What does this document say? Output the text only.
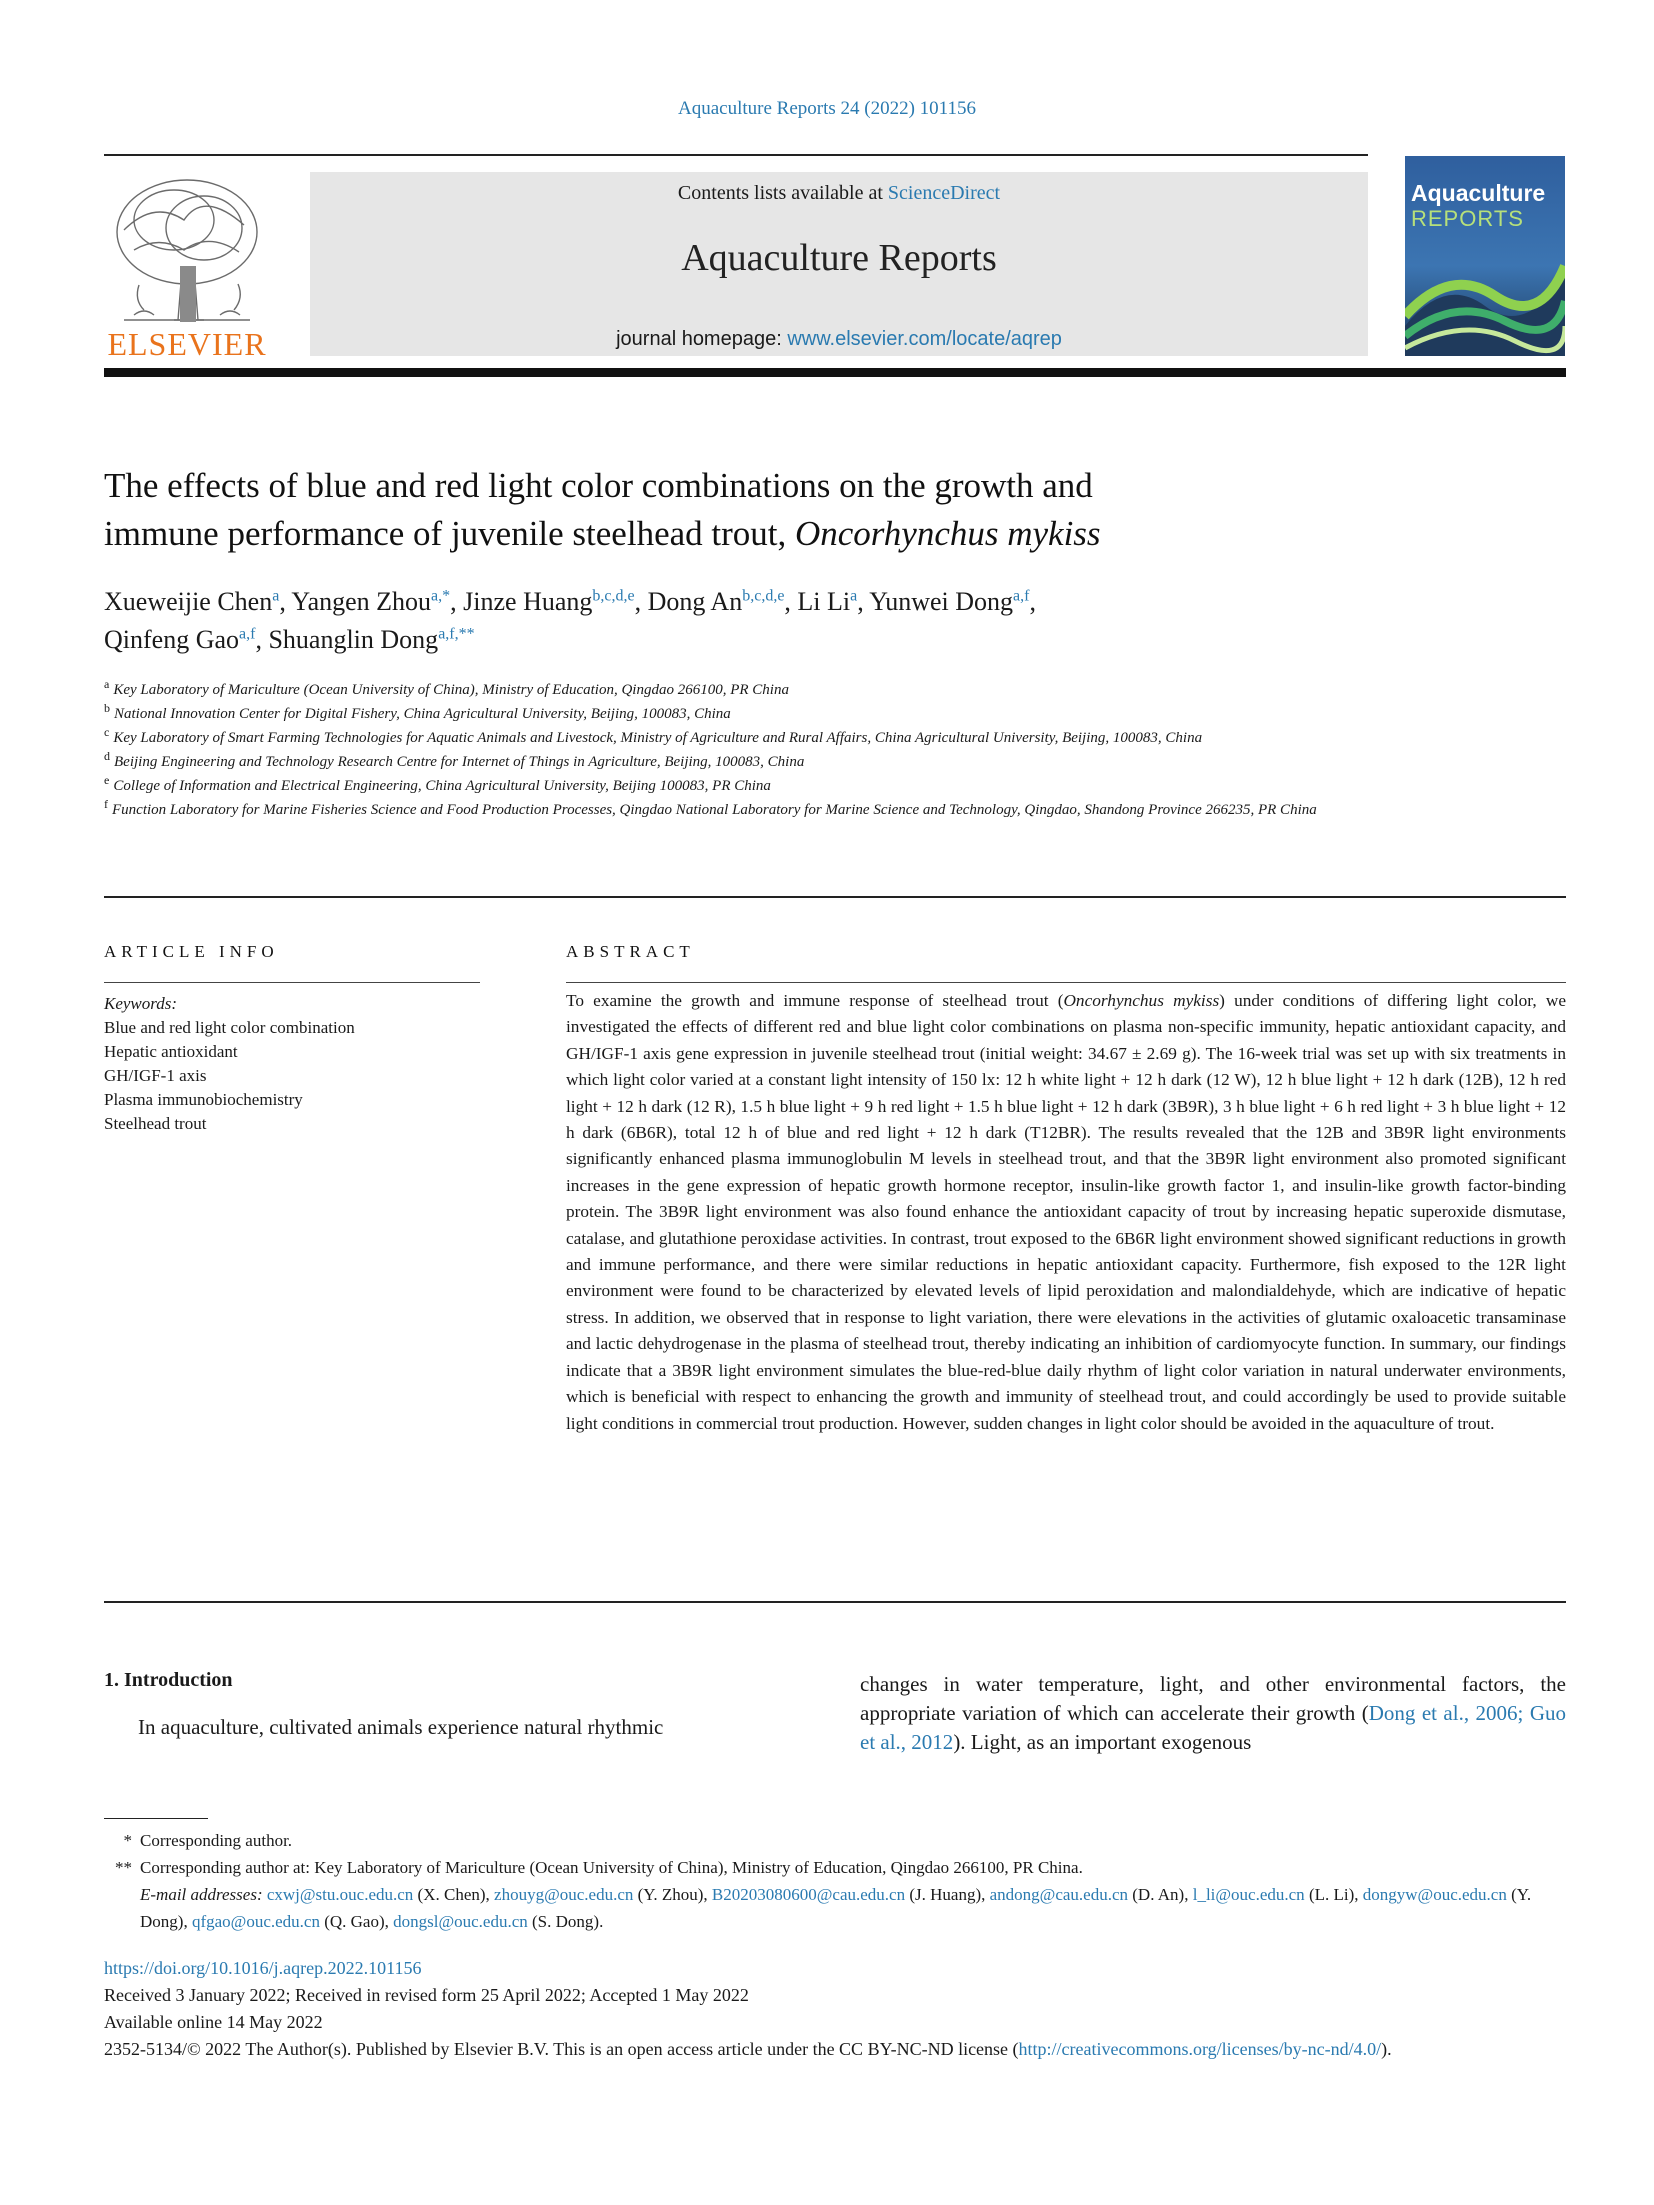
Aquaculture Reports 24 (2022) 101156
ELSEVIER
Contents lists available at ScienceDirect
Aquaculture Reports
journal homepage: www.elsevier.com/locate/aqrep
Aquaculture
REPORTS
The effects of blue and red light color combinations on the growth and
immune performance of juvenile steelhead trout, Oncorhynchus mykiss
Xueweijie Chen$^a$, Yangen Zhou$^{a,*}$, Jinze Huang$^{b,c,d,e}$, Dong An$^{b,c,d,e}$, Li Li$^a$, Yunwei Dong$^{a,f}$,
Qinfeng Gao$^{a,f}$, Shuanglin Dong$^{a,f,**}$
$^a$ Key Laboratory of Mariculture (Ocean University of China), Ministry of Education, Qingdao 266100, PR China
$^b$ National Innovation Center for Digital Fishery, China Agricultural University, Beijing, 100083, China
$^c$ Key Laboratory of Smart Farming Technologies for Aquatic Animals and Livestock, Ministry of Agriculture and Rural Affairs, China Agricultural University, Beijing, 100083, China
$^d$ Beijing Engineering and Technology Research Centre for Internet of Things in Agriculture, Beijing, 100083, China
$^e$ College of Information and Electrical Engineering, China Agricultural University, Beijing 100083, PR China
$^f$ Function Laboratory for Marine Fisheries Science and Food Production Processes, Qingdao National Laboratory for Marine Science and Technology, Qingdao, Shandong Province 266235, PR China
ARTICLE INFO	ABSTRACT
Keywords:
Blue and red light color combination
Hepatic antioxidant
GH/IGF-1 axis
Plasma immunobiochemistry
Steelhead trout
To examine the growth and immune response of steelhead trout (Oncorhynchus mykiss) under conditions of differing light color, we investigated the effects of different red and blue light color combinations on plasma non-specific immunity, hepatic antioxidant capacity, and GH/IGF-1 axis gene expression in juvenile steelhead trout (initial weight: 34.67 ± 2.69 g). The 16-week trial was set up with six treatments in which light color varied at a constant light intensity of 150 lx: 12 h white light + 12 h dark (12 W), 12 h blue light + 12 h dark (12B), 12 h red light + 12 h dark (12 R), 1.5 h blue light + 9 h red light + 1.5 h blue light + 12 h dark (3B9R), 3 h blue light + 6 h red light + 3 h blue light + 12 h dark (6B6R), total 12 h of blue and red light + 12 h dark (T12BR). The results revealed that the 12B and 3B9R light environments significantly enhanced plasma immunoglobulin M levels in steelhead trout, and that the 3B9R light environment also promoted significant increases in the gene expression of hepatic growth hormone receptor, insulin-like growth factor 1, and insulin-like growth factor-binding protein. The 3B9R light environment was also found enhance the antioxidant capacity of trout by increasing hepatic superoxide dismutase, catalase, and glutathione peroxidase activities. In contrast, trout exposed to the 6B6R light environment showed significant reductions in growth and immune performance, and there were similar reductions in hepatic antioxidant capacity. Furthermore, fish exposed to the 12R light environment were found to be characterized by elevated levels of lipid peroxidation and malondialdehyde, which are indicative of hepatic stress. In addition, we observed that in response to light variation, there were elevations in the activities of glutamic oxaloacetic transaminase and lactic dehydrogenase in the plasma of steelhead trout, thereby indicating an inhibition of cardiomyocyte function. In summary, our findings indicate that a 3B9R light environment simulates the blue-red-blue daily rhythm of light color variation in natural underwater environments, which is beneficial with respect to enhancing the growth and immunity of steelhead trout, and could accordingly be used to provide suitable light conditions in commercial trout production. However, sudden changes in light color should be avoided in the aquaculture of trout.
1. Introduction
In aquaculture, cultivated animals experience natural rhythmic
changes in water temperature, light, and other environmental factors, the appropriate variation of which can accelerate their growth (Dong et al., 2006; Guo et al., 2012). Light, as an important exogenous
* Corresponding author.
** Corresponding author at: Key Laboratory of Mariculture (Ocean University of China), Ministry of Education, Qingdao 266100, PR China.
E-mail addresses: cxwj@stu.ouc.edu.cn (X. Chen), zhouyg@ouc.edu.cn (Y. Zhou), B20203080600@cau.edu.cn (J. Huang), andong@cau.edu.cn (D. An), l_li@ouc.edu.cn (L. Li), dongyw@ouc.edu.cn (Y. Dong), qfgao@ouc.edu.cn (Q. Gao), dongsl@ouc.edu.cn (S. Dong).
https://doi.org/10.1016/j.aqrep.2022.101156
Received 3 January 2022; Received in revised form 25 April 2022; Accepted 1 May 2022
Available online 14 May 2022
2352-5134/© 2022 The Author(s). Published by Elsevier B.V. This is an open access article under the CC BY-NC-ND license (http://creativecommons.org/licenses/by-nc-nd/4.0/).
